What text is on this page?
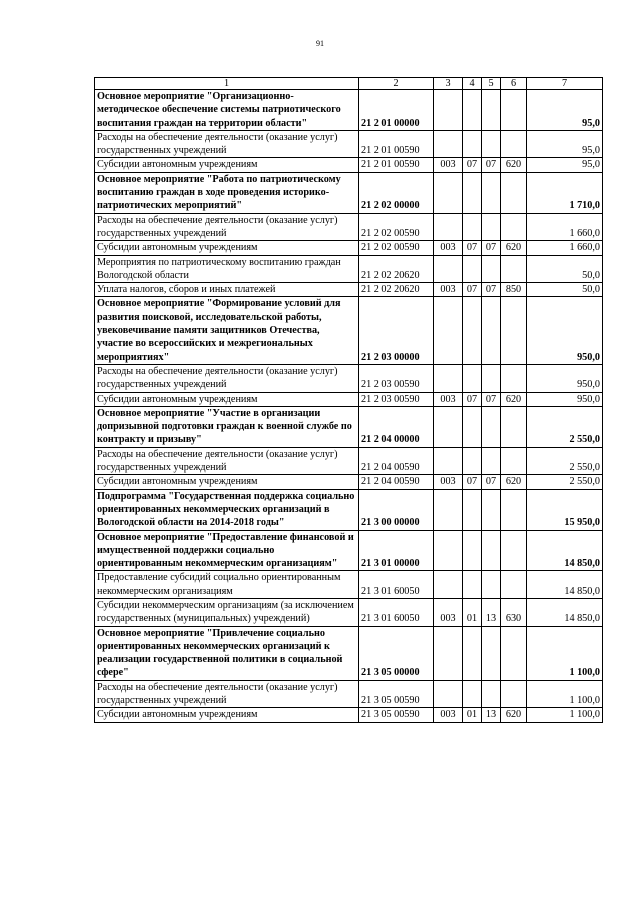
91
1	2	3	4	5	6	7
Основное мероприятие "Организационно-методическое обеспечение системы патриотического воспитания граждан на территории области"	21 2 01 00000					95,0
Расходы на обеспечение деятельности (оказание услуг) государственных учреждений	21 2 01 00590					95,0
Субсидии автономным учреждениям	21 2 01 00590	003	07	07	620	95,0
Основное мероприятие "Работа по патриотическому воспитанию граждан в ходе проведения историко-патриотических мероприятий"	21 2 02 00000					1 710,0
Расходы на обеспечение деятельности (оказание услуг) государственных учреждений	21 2 02 00590					1 660,0
Субсидии автономным учреждениям	21 2 02 00590	003	07	07	620	1 660,0
Мероприятия по патриотическому воспитанию граждан Вологодской области	21 2 02 20620					50,0
Уплата налогов, сборов и иных платежей	21 2 02 20620	003	07	07	850	50,0
Основное мероприятие "Формирование условий для развития поисковой, исследовательской работы, увековечивание памяти защитников Отечества, участие во всероссийских и межрегиональных мероприятиях"	21 2 03 00000					950,0
Расходы на обеспечение деятельности (оказание услуг) государственных учреждений	21 2 03 00590					950,0
Субсидии автономным учреждениям	21 2 03 00590	003	07	07	620	950,0
Основное мероприятие "Участие в организации допризывной подготовки граждан к военной службе по контракту и призыву"	21 2 04 00000					2 550,0
Расходы на обеспечение деятельности (оказание услуг) государственных учреждений	21 2 04 00590					2 550,0
Субсидии автономным учреждениям	21 2 04 00590	003	07	07	620	2 550,0
Подпрограмма "Государственная поддержка социально ориентированных некоммерческих организаций в Вологодской области на 2014-2018 годы"	21 3 00 00000					15 950,0
Основное мероприятие "Предоставление финансовой и имущественной поддержки социально ориентированным некоммерческим организациям"	21 3 01 00000					14 850,0
Предоставление субсидий социально ориентированным некоммерческим организациям	21 3 01 60050					14 850,0
Субсидии некоммерческим организациям (за исключением государственных (муниципальных) учреждений)	21 3 01 60050	003	01	13	630	14 850,0
Основное мероприятие "Привлечение социально ориентированных некоммерческих организаций к реализации государственной политики в социальной сфере"	21 3 05 00000					1 100,0
Расходы на обеспечение деятельности (оказание услуг) государственных учреждений	21 3 05 00590					1 100,0
Субсидии автономным учреждениям	21 3 05 00590	003	01	13	620	1 100,0
